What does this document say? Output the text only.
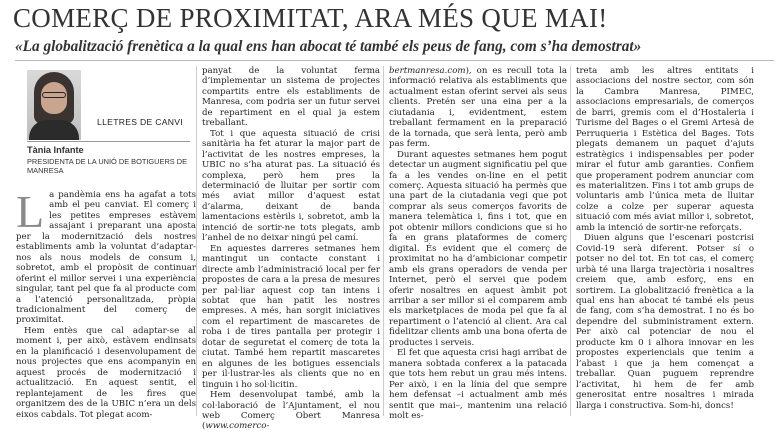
COMERÇ DE PROXIMITAT, ARA MÉS QUE MAI!
«La globalització frenètica a la qual ens han abocat té també els peus de fang, com s’ha demostrat»
LLETRES DE CANVI
Tània Infante
PRESIDENTA DE LA UNIÓ DE BOTIGUERS DE MANRESA

La pandèmia ens ha agafat a tots amb el peu canviat. El comerç i les petites empreses estàvem assajant i preparant una aposta per la modernització dels nostres establiments amb la voluntat d’adaptar-nos als nous models de consum i, sobretot, amb el propòsit de continuar oferint el millor servei i una experiència singular, tant pel que fa al producte com a l’atenció personalitzada, pròpia tradicionalment del comerç de proximitat.

Hem entès que cal adaptar-se al moment i, per això, estàvem endinsats en la planificació i desenvolupament de nous projectes que ens acompanyin en aquest procés de modernització i actualització. En aquest sentit, el replantejament de les fires que organitzem des de la UBIC n’era un dels eixos cabdals. Tot plegat acom-

panyat de la voluntat ferma d’implementar un sistema de projectes compartits entre els establiments de Manresa, com podria ser un futur servei de repartiment en el qual ja estem treballant.

Tot i que aquesta situació de crisi sanitària ha fet aturar la major part de l’activitat de les nostres empreses, la UBIC no s’ha aturat pas. La situació és complexa, però hem pres la determinació de lluitar per sortir com més aviat millor d’aquest estat d’alarma, deixant de banda lamentacions estèrils i, sobretot, amb la intenció de sortir-ne tots plegats, amb l’anhel de no deixar ningú pel camí.

En aquestes darreres setmanes hem mantingut un contacte constant i directe amb l’administració local per fer propostes de cara a la presa de mesures per pal·liar aquest cop tan intens i sobtat que han patit les nostres empreses. A més, han sorgit iniciatives com el repartiment de mascaretes de roba i de tires pantalla per protegir i dotar de seguretat el comerç de tota la ciutat. També hem repartit mascaretes en algunes de les botigues essencials per il·lustrar-les als clients que no en tinguin i ho sol·licitin.

Hem desenvolupat també, amb la col·laboració de l’Ajuntament, el nou web Comerç Obert Manresa (www.comerco-

bertmanresa.com), on es recull tota la informació relativa als establiments que actualment estan oferint servei als seus clients. Pretén ser una eina per a la ciutadania i, evidentment, estem treballant fermament en la preparació de la tornada, que serà lenta, però amb pas ferm.

Durant aquestes setmanes hem pogut detectar un augment significatiu pel que fa a les vendes on-line en el petit comerç. Aquesta situació ha permès que una part de la ciutadania vegi que pot comprar als seus comerços favorits de manera telemàtica i, fins i tot, que en pot obtenir millors condicions que si ho fa en grans plataformes de comerç digital. És evident que el comerç de proximitat no ha d’ambicionar competir amb els grans operadors de venda per Internet, però el servei que podem oferir nosaltres en aquest àmbit pot arribar a ser millor si el comparem amb els marketplaces de moda pel que fa al repartiment o l’atenció al client. Ara cal fidelitzar clients amb una bona oferta de productes i serveis.

El fet que aquesta crisi hagi arribat de manera sobtada conferex a la patacada que tots hem rebut un grau més intens. Per això, i en la línia del que sempre hem defensat –i actualment amb més sentit que mai–, mantenim una relació molt es-

treta amb les altres entitats i associacions del nostre sector, com són la Cambra Manresa, PIMEC, associacions empresarials, de comerços de barri, gremis com el d’Hostaleria i Turisme del Bages o el Gremi Artesà de Perruqueria i Estètica del Bages. Tots plegats demanem un paquet d’ajuts estratègics i indispensables per poder mirar el futur amb garanties. Confiem que properament podrem anunciar com es materialitzen. Fins i tot amb grups de voluntaris amb l’única meta de lluitar colze a colze per superar aquesta situació com més aviat millor i, sobretot, amb la intenció de sortir-ne reforçats.

Diuen alguns que l’escenari postcrisi Covid-19 serà diferent. Potser sí o potser no del tot. En tot cas, el comerç urbà té una llarga trajectòria i nosaltres creiem que, amb esforç, ens en sortirem. La globalització frenètica a la qual ens han abocat té també els peus de fang, com s’ha demostrat. I no és bo dependre del subministrament extern. Per això cal potenciar de nou el producte km 0 i alhora innovar en les propostes experiencials que tenim a l’abast i que ja hem començat a treballar. Quan puguem reprendre l’activitat, hi hem de fer amb generositat entre nosaltres i mirada llarga i constructiva. Som-hi, doncs!
